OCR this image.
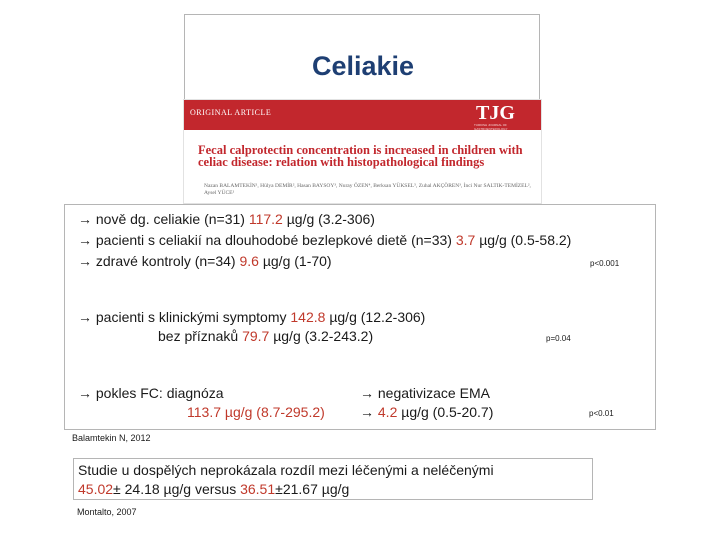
Celiakie
ORIGINAL ARTICLE	TJG
TURKISH JOURNAL OF GASTROENTEROLOGY
Fecal calprotectin concentration is increased in children with celiac disease: relation with histopathological findings
Nazan BALAMTEKİN¹, Hülya DEMİR², Hasan BAYSOY³, Nuray ÖZEN⁴, Berksan YÜKSEL⁵, Zuhal AKÇÖREN³, İnci Nur SALTIK-TEMİZEL², Aysel YÜCE²
→ nově dg. celiakie (n=31) 117.2 µg/g (3.2-306)
→ pacienti s celiakií na dlouhodobé bezlepkové dietě (n=33) 3.7 µg/g (0.5-58.2)
→ zdravé kontroly (n=34) 9.6 µg/g (1-70)	p<0.001
→ pacienti s klinickými symptomy 142.8 µg/g (12.2-306)
bez příznaků 79.7 µg/g (3.2-243.2)	p=0.04
→ pokles FC: diagnóza
113.7 µg/g (8.7-295.2)
→ negativizace EMA
→ 4.2 µg/g (0.5-20.7)	p<0.01
Balamtekin N, 2012
Studie u dospělých neprokázala rozdíl mezi léčenými a neléčenými
45.02± 24.18 µg/g versus 36.51±21.67 µg/g
Montalto, 2007
